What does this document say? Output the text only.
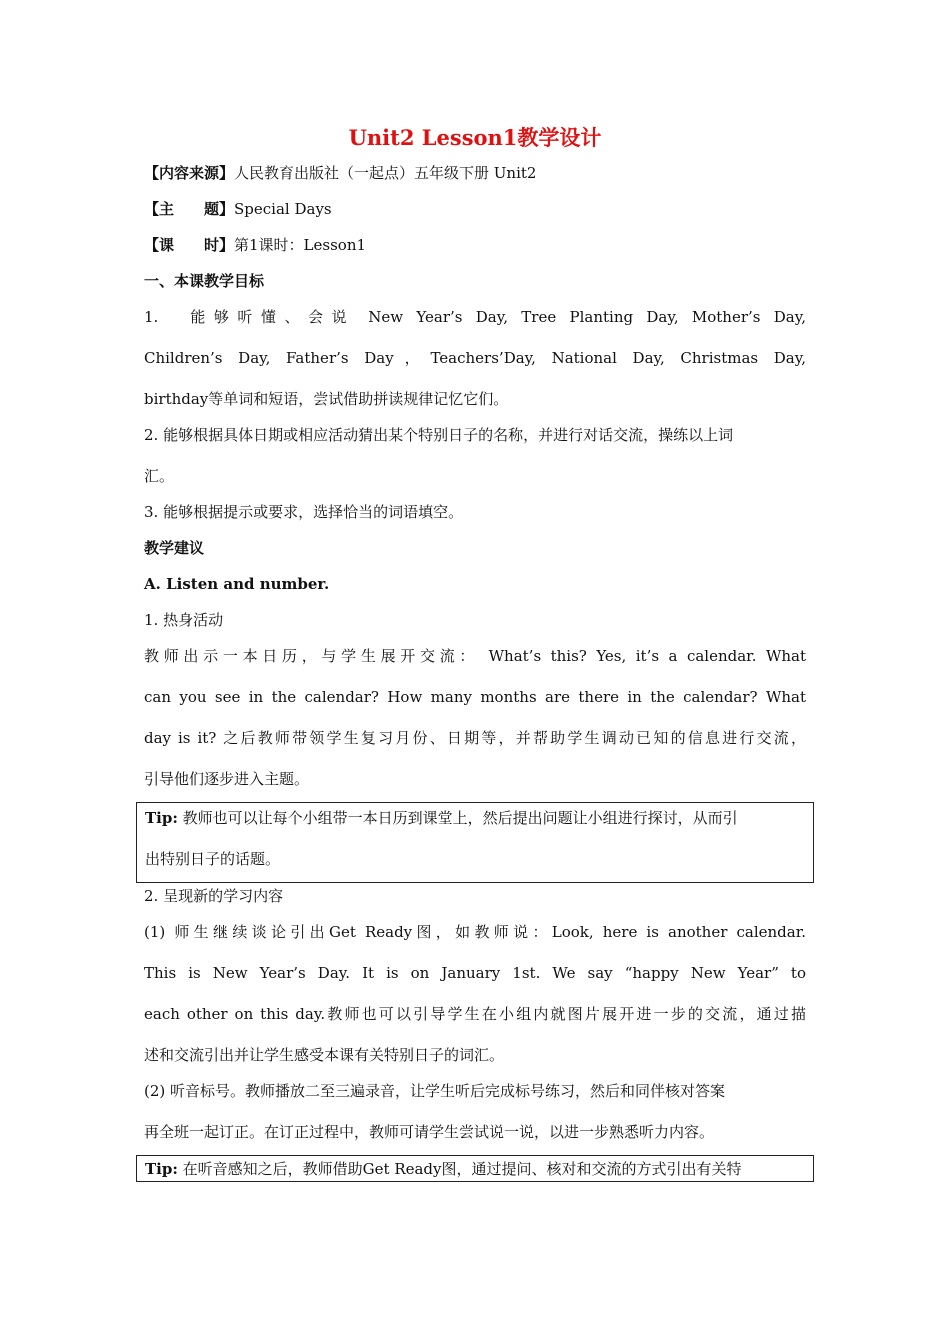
Unit2 Lesson1教学设计
【内容来源】人民教育出版社（一起点）五年级下册 Unit2
【主　　题】Special Days
【课　　时】第1课时：Lesson1
一、本课教学目标
1.　能够听懂、会说 New Year’s Day, Tree Planting Day, Mother’s Day,
Children’s Day, Father’s Day，Teachers’Day, National Day, Christmas Day,
birthday等单词和短语，尝试借助拼读规律记忆它们。
2. 能够根据具体日期或相应活动猜出某个特别日子的名称，并进行对话交流，操练以上词
汇。
3. 能够根据提示或要求，选择恰当的词语填空。
教学建议
A. Listen and number.
1. 热身活动
教师出示一本日历，与学生展开交流： What’s this? Yes, it’s a calendar. What
can you see in the calendar? How many months are there in the calendar? What
day is it? 之后教师带领学生复习月份、日期等，并帮助学生调动已知的信息进行交流，
引导他们逐步进入主题。
Tip: 教师也可以让每个小组带一本日历到课堂上，然后提出问题让小组进行探讨，从而引
出特别日子的话题。
2. 呈现新的学习内容
(1) 师生继续谈论引出Get Ready图，如教师说：Look, here is another calendar.
This is New Year’s Day. It is on January 1st. We say “happy New Year” to
each other on this day.教师也可以引导学生在小组内就图片展开进一步的交流，通过描
述和交流引出并让学生感受本课有关特别日子的词汇。
(2) 听音标号。教师播放二至三遍录音，让学生听后完成标号练习，然后和同伴核对答案
再全班一起订正。在订正过程中，教师可请学生尝试说一说，以进一步熟悉听力内容。
Tip: 在听音感知之后，教师借助Get Ready图，通过提问、核对和交流的方式引出有关特
